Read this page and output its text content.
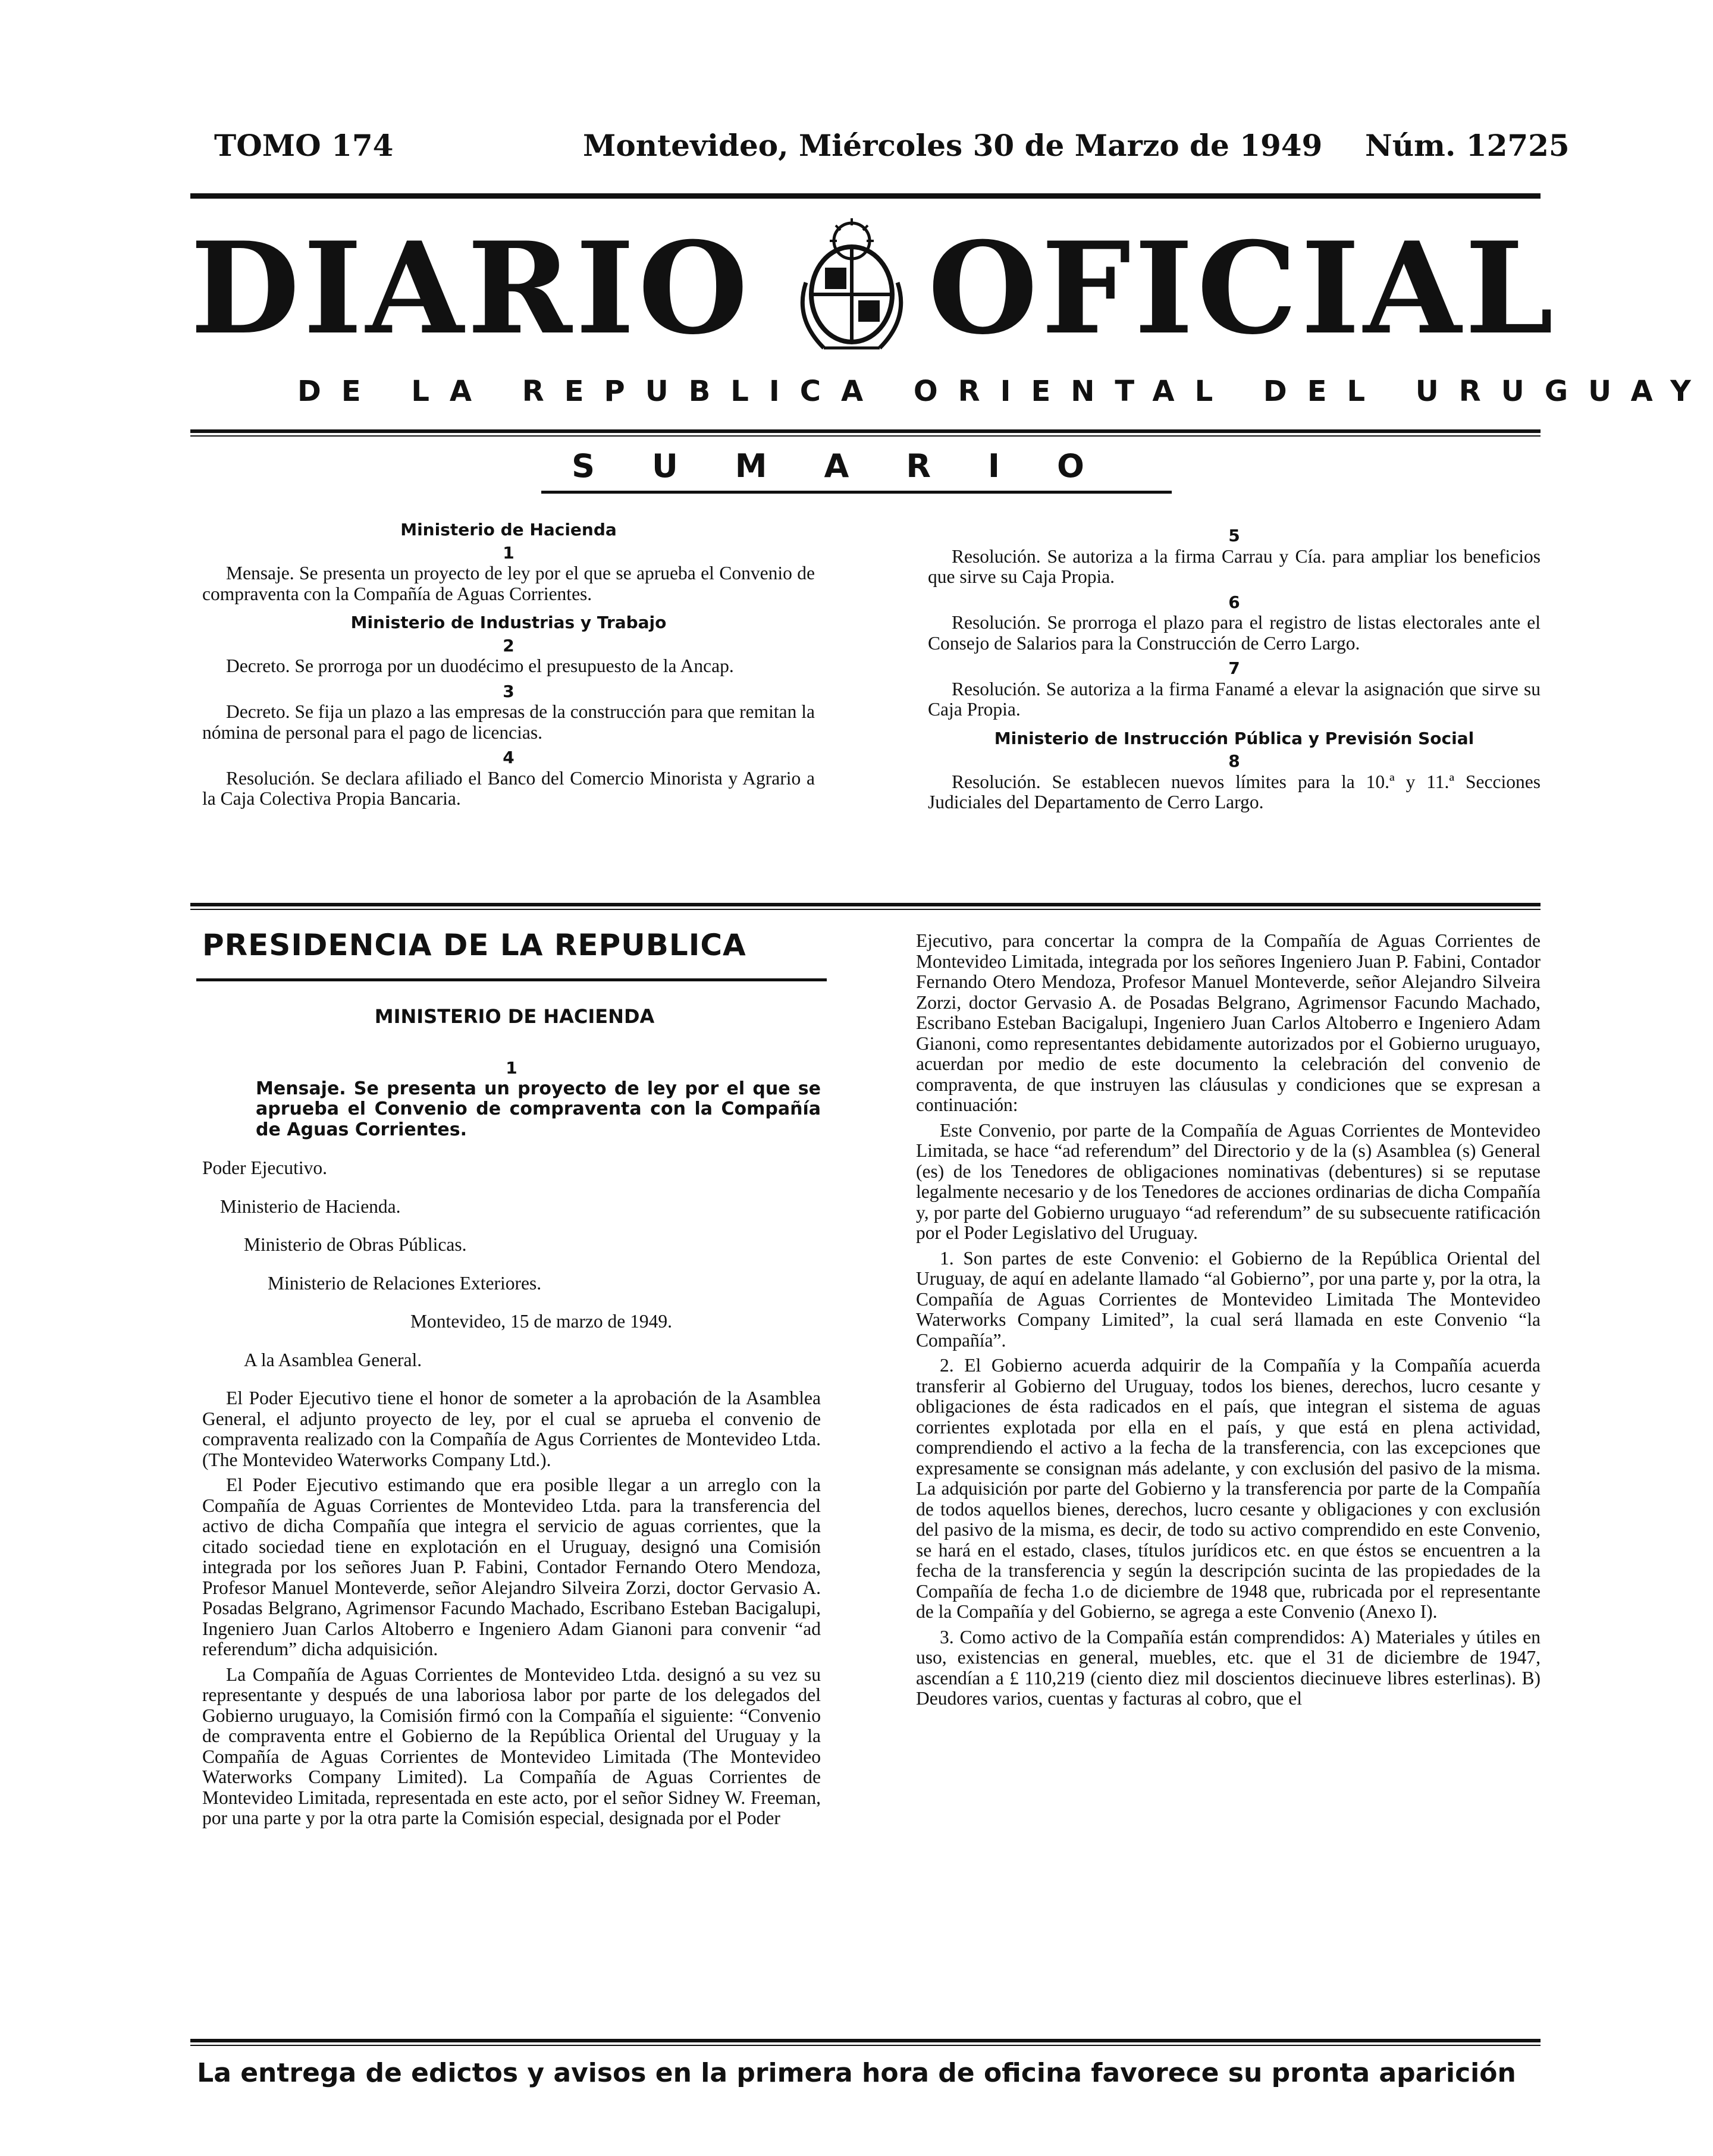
TOMO 174	Montevideo, Miércoles 30 de Marzo de 1949 Núm. 12725
DIARIO OFICIAL
DE LA REPUBLICA ORIENTAL DEL URUGUAY
SUMARIO
Ministerio de Hacienda
1

Mensaje. Se presenta un proyecto de ley por el que se aprueba el Convenio de compraventa con la Compañía de Aguas Corrientes.

Ministerio de Industrias y Trabajo
2

Decreto. Se prorroga por un duodécimo el presupuesto de la Ancap.

3

Decreto. Se fija un plazo a las empresas de la construcción para que remitan la nómina de personal para el pago de licencias.

4

Resolución. Se declara afiliado el Banco del Comercio Minorista y Agrario a la Caja Colectiva Propia Bancaria.

5

Resolución. Se autoriza a la firma Carrau y Cía. para ampliar los beneficios que sirve su Caja Propia.

6

Resolución. Se prorroga el plazo para el registro de listas electorales ante el Consejo de Salarios para la Construcción de Cerro Largo.

7

Resolución. Se autoriza a la firma Fanamé a elevar la asignación que sirve su Caja Propia.

Ministerio de Instrucción Pública y Previsión Social
8

Resolución. Se establecen nuevos límites para la 10.ª y 11.ª Secciones Judiciales del Departamento de Cerro Largo.

PRESIDENCIA DE LA REPUBLICA
MINISTERIO DE HACIENDA
1

Mensaje. Se presenta un proyecto de ley por el que se aprueba el Convenio de compraventa con la Compañía de Aguas Corrientes.

Poder Ejecutivo.

Ministerio de Hacienda.

Ministerio de Obras Públicas.

Ministerio de Relaciones Exteriores.

Montevideo, 15 de marzo de 1949.

A la Asamblea General.

El Poder Ejecutivo tiene el honor de someter a la aprobación de la Asamblea General, el adjunto proyecto de ley, por el cual se aprueba el convenio de compraventa realizado con la Compañía de Agus Corrientes de Montevideo Ltda. (The Montevideo Waterworks Company Ltd.).

El Poder Ejecutivo estimando que era posible llegar a un arreglo con la Compañía de Aguas Corrientes de Montevideo Ltda. para la transferencia del activo de dicha Compañía que integra el servicio de aguas corrientes, que la citado sociedad tiene en explotación en el Uruguay, designó una Comisión integrada por los señores Juan P. Fabini, Contador Fernando Otero Mendoza, Profesor Manuel Monteverde, señor Alejandro Silveira Zorzi, doctor Gervasio A. Posadas Belgrano, Agrimensor Facundo Machado, Escribano Esteban Bacigalupi, Ingeniero Juan Carlos Altoberro e Ingeniero Adam Gianoni para convenir “ad referendum” dicha adquisición.

La Compañía de Aguas Corrientes de Montevideo Ltda. designó a su vez su representante y después de una laboriosa labor por parte de los delegados del Gobierno uruguayo, la Comisión firmó con la Compañía el siguiente: “Convenio de compraventa entre el Gobierno de la República Oriental del Uruguay y la Compañía de Aguas Corrientes de Montevideo Limitada (The Montevideo Waterworks Company Limited). La Compañía de Aguas Corrientes de Montevideo Limitada, representada en este acto, por el señor Sidney W. Freeman, por una parte y por la otra parte la Comisión especial, designada por el Poder

Ejecutivo, para concertar la compra de la Compañía de Aguas Corrientes de Montevideo Limitada, integrada por los señores Ingeniero Juan P. Fabini, Contador Fernando Otero Mendoza, Profesor Manuel Monteverde, señor Alejandro Silveira Zorzi, doctor Gervasio A. de Posadas Belgrano, Agrimensor Facundo Machado, Escribano Esteban Bacigalupi, Ingeniero Juan Carlos Altoberro e Ingeniero Adam Gianoni, como representantes debidamente autorizados por el Gobierno uruguayo, acuerdan por medio de este documento la celebración del convenio de compraventa, de que instruyen las cláusulas y condiciones que se expresan a continuación:

Este Convenio, por parte de la Compañía de Aguas Corrientes de Montevideo Limitada, se hace “ad referendum” del Directorio y de la (s) Asamblea (s) General (es) de los Tenedores de obligaciones nominativas (debentures) si se reputase legalmente necesario y de los Tenedores de acciones ordinarias de dicha Compañía y, por parte del Gobierno uruguayo “ad referendum” de su subsecuente ratificación por el Poder Legislativo del Uruguay.

1. Son partes de este Convenio: el Gobierno de la República Oriental del Uruguay, de aquí en adelante llamado “al Gobierno”, por una parte y, por la otra, la Compañía de Aguas Corrientes de Montevideo Limitada The Montevideo Waterworks Company Limited”, la cual será llamada en este Convenio “la Compañía”.

2. El Gobierno acuerda adquirir de la Compañía y la Compañía acuerda transferir al Gobierno del Uruguay, todos los bienes, derechos, lucro cesante y obligaciones de ésta radicados en el país, que integran el sistema de aguas corrientes explotada por ella en el país, y que está en plena actividad, comprendiendo el activo a la fecha de la transferencia, con las excepciones que expresamente se consignan más adelante, y con exclusión del pasivo de la misma. La adquisición por parte del Gobierno y la transferencia por parte de la Compañía de todos aquellos bienes, derechos, lucro cesante y obligaciones y con exclusión del pasivo de la misma, es decir, de todo su activo comprendido en este Convenio, se hará en el estado, clases, títulos jurídicos etc. en que éstos se encuentren a la fecha de la transferencia y según la descripción sucinta de las propiedades de la Compañía de fecha 1.o de diciembre de 1948 que, rubricada por el representante de la Compañía y del Gobierno, se agrega a este Convenio (Anexo I).

3. Como activo de la Compañía están comprendidos: A) Materiales y útiles en uso, existencias en general, muebles, etc. que el 31 de diciembre de 1947, ascendían a £ 110,219 (ciento diez mil doscientos diecinueve libres esterlinas). B) Deudores varios, cuentas y facturas al cobro, que el

La entrega de edictos y avisos en la primera hora de oficina favorece su pronta aparición
